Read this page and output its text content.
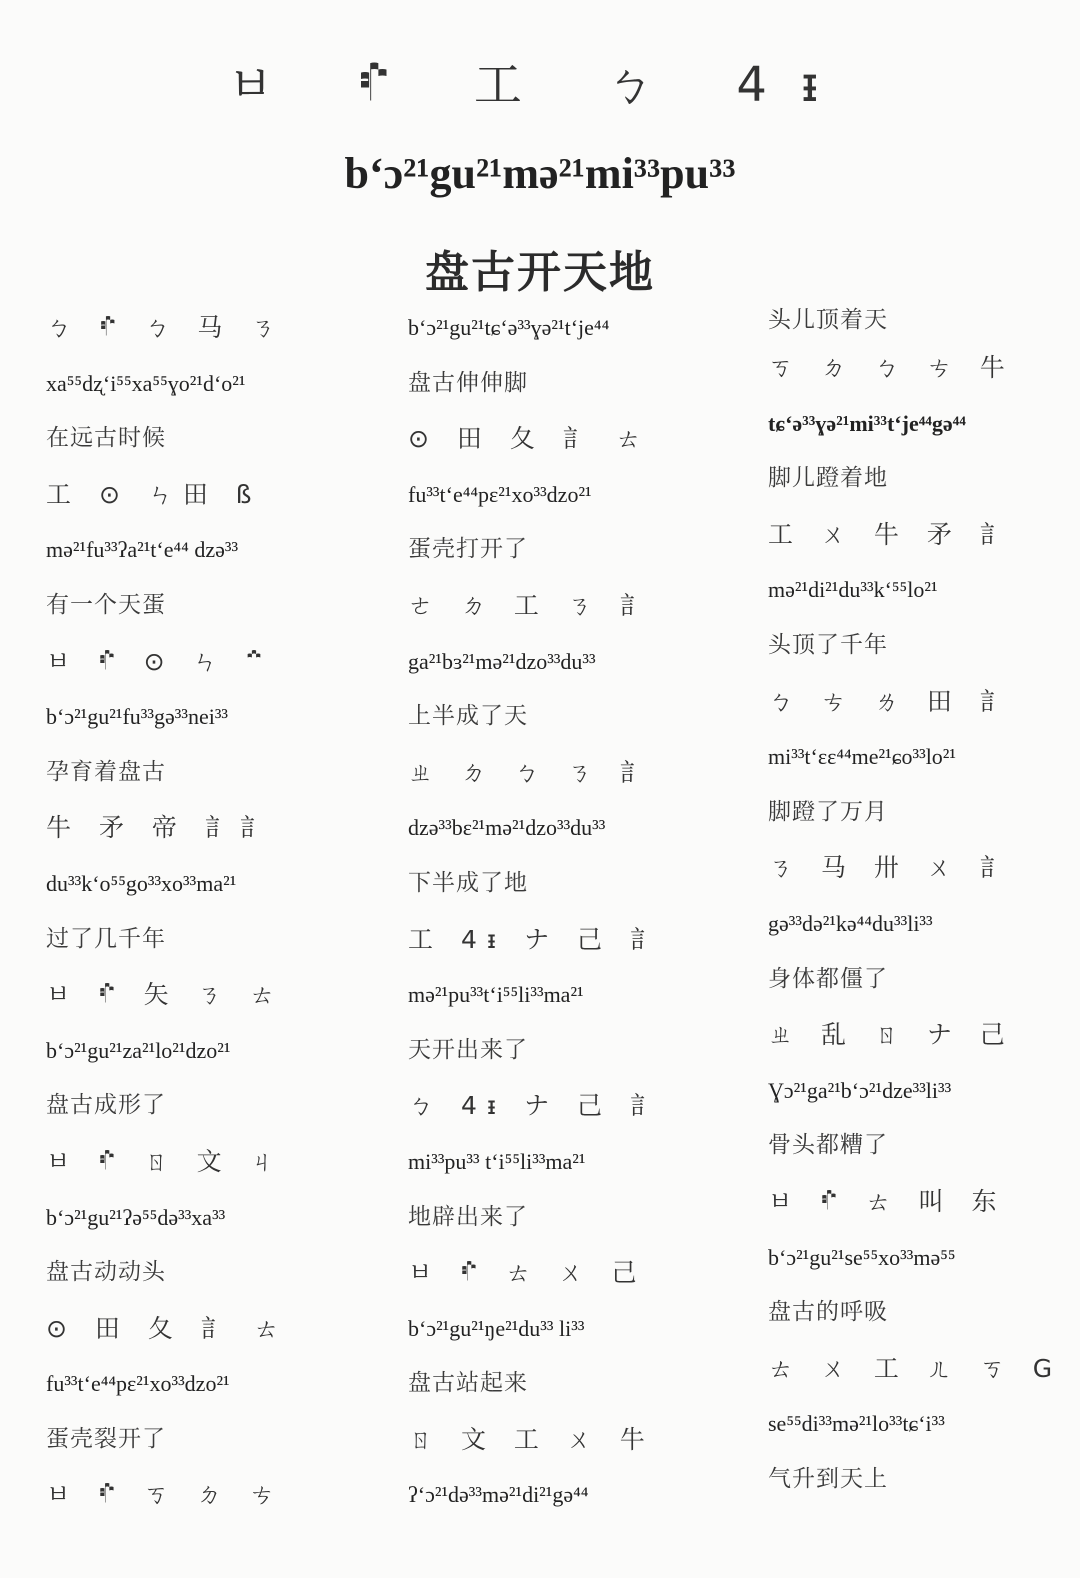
ㅂ 𝇛 工 ㄅ 4ᵻ
b‘ɔ²¹gu²¹mə²¹mi³³pu³³
盘古开天地
ㄅ 𝇛 ㄅ 马 ㄋ
xa⁵⁵dʐ‘i⁵⁵xa⁵⁵ɣo²¹d‘o²¹
在远古时候
工 ⊙ ㄣ田 ß
mə²¹fu³³ʔa²¹t‘e⁴⁴ dzə³³
有一个天蛋
ㅂ 𝇛 ⊙ ㄣ 𝇘
b‘ɔ²¹gu²¹fu³³gə³³nei³³
孕育着盘古
牛 矛 帝 訁訁
du³³k‘o⁵⁵go³³xo³³ma²¹
过了几千年
ㅂ 𝇛 矢 ㄋ ㄊ
b‘ɔ²¹gu²¹za²¹lo²¹dzo²¹
盘古成形了
ㅂ 𝇛 ㄖ 文 ㄐ
b‘ɔ²¹gu²¹ʔə⁵⁵də³³xa³³
盘古动动头
⊙ 田 夂 訁 ㄊ
fu³³t‘e⁴⁴pɛ²¹xo³³dzo²¹
蛋壳裂开了
ㅂ 𝇛 ㄎ ㄉ ㄘ
b‘ɔ²¹gu²¹tɕ‘ə³³ɣə²¹t‘je⁴⁴
盘古伸伸脚
⊙ 田 夂 訁 ㄊ
fu³³t‘e⁴⁴pɛ²¹xo³³dzo²¹
蛋壳打开了
ㄜ ㄉ 工 ㄋ 訁
ga²¹bɜ²¹mə²¹dzo³³du³³
上半成了天
ㄓ ㄉ ㄅ ㄋ 訁
dzə³³bɛ²¹mə²¹dzo³³du³³
下半成了地
工 4ᵻ ナ 己 訁
mə²¹pu³³t‘i⁵⁵li³³ma²¹
天开出来了
ㄅ 4ᵻ ナ 己 訁
mi³³pu³³ t‘i⁵⁵li³³ma²¹
地辟出来了
ㅂ 𝇛 ㄊ ㄨ 己
b‘ɔ²¹gu²¹ŋe²¹du³³ li³³
盘古站起来
ㄖ 文 工 ㄨ 牛
ʔ‘ɔ²¹də³³mə²¹di²¹gə⁴⁴
头儿顶着天
ㄎ ㄉ ㄅ ㄘ 牛
tɕ‘ə³³ɣə²¹mi³³t‘je⁴⁴gə⁴⁴
脚儿蹬着地
工 ㄨ 牛 矛 訁
mə²¹di²¹du³³k‘⁵⁵lo²¹
头顶了千年
ㄅ ㄘ ㄌ 田 訁
mi³³t‘ɛɛ⁴⁴me²¹ɕo³³lo²¹
脚蹬了万月
ㄋ 马 卅 ㄨ 訁
gə³³də²¹kə⁴⁴du³³li³³
身体都僵了
ㄓ 乱 ㄖ ナ 己
Ɣɔ²¹ga²¹b‘ɔ²¹dze³³li³³
骨头都糟了
ㅂ 𝇛 ㄊ 叫 东
b‘ɔ²¹gu²¹se⁵⁵xo³³mə⁵⁵
盘古的呼吸
ㄊ ㄨ 工 ㄦ ㄎ G
se⁵⁵di³³mə²¹lo³³tɕ‘i³³
气升到天上
